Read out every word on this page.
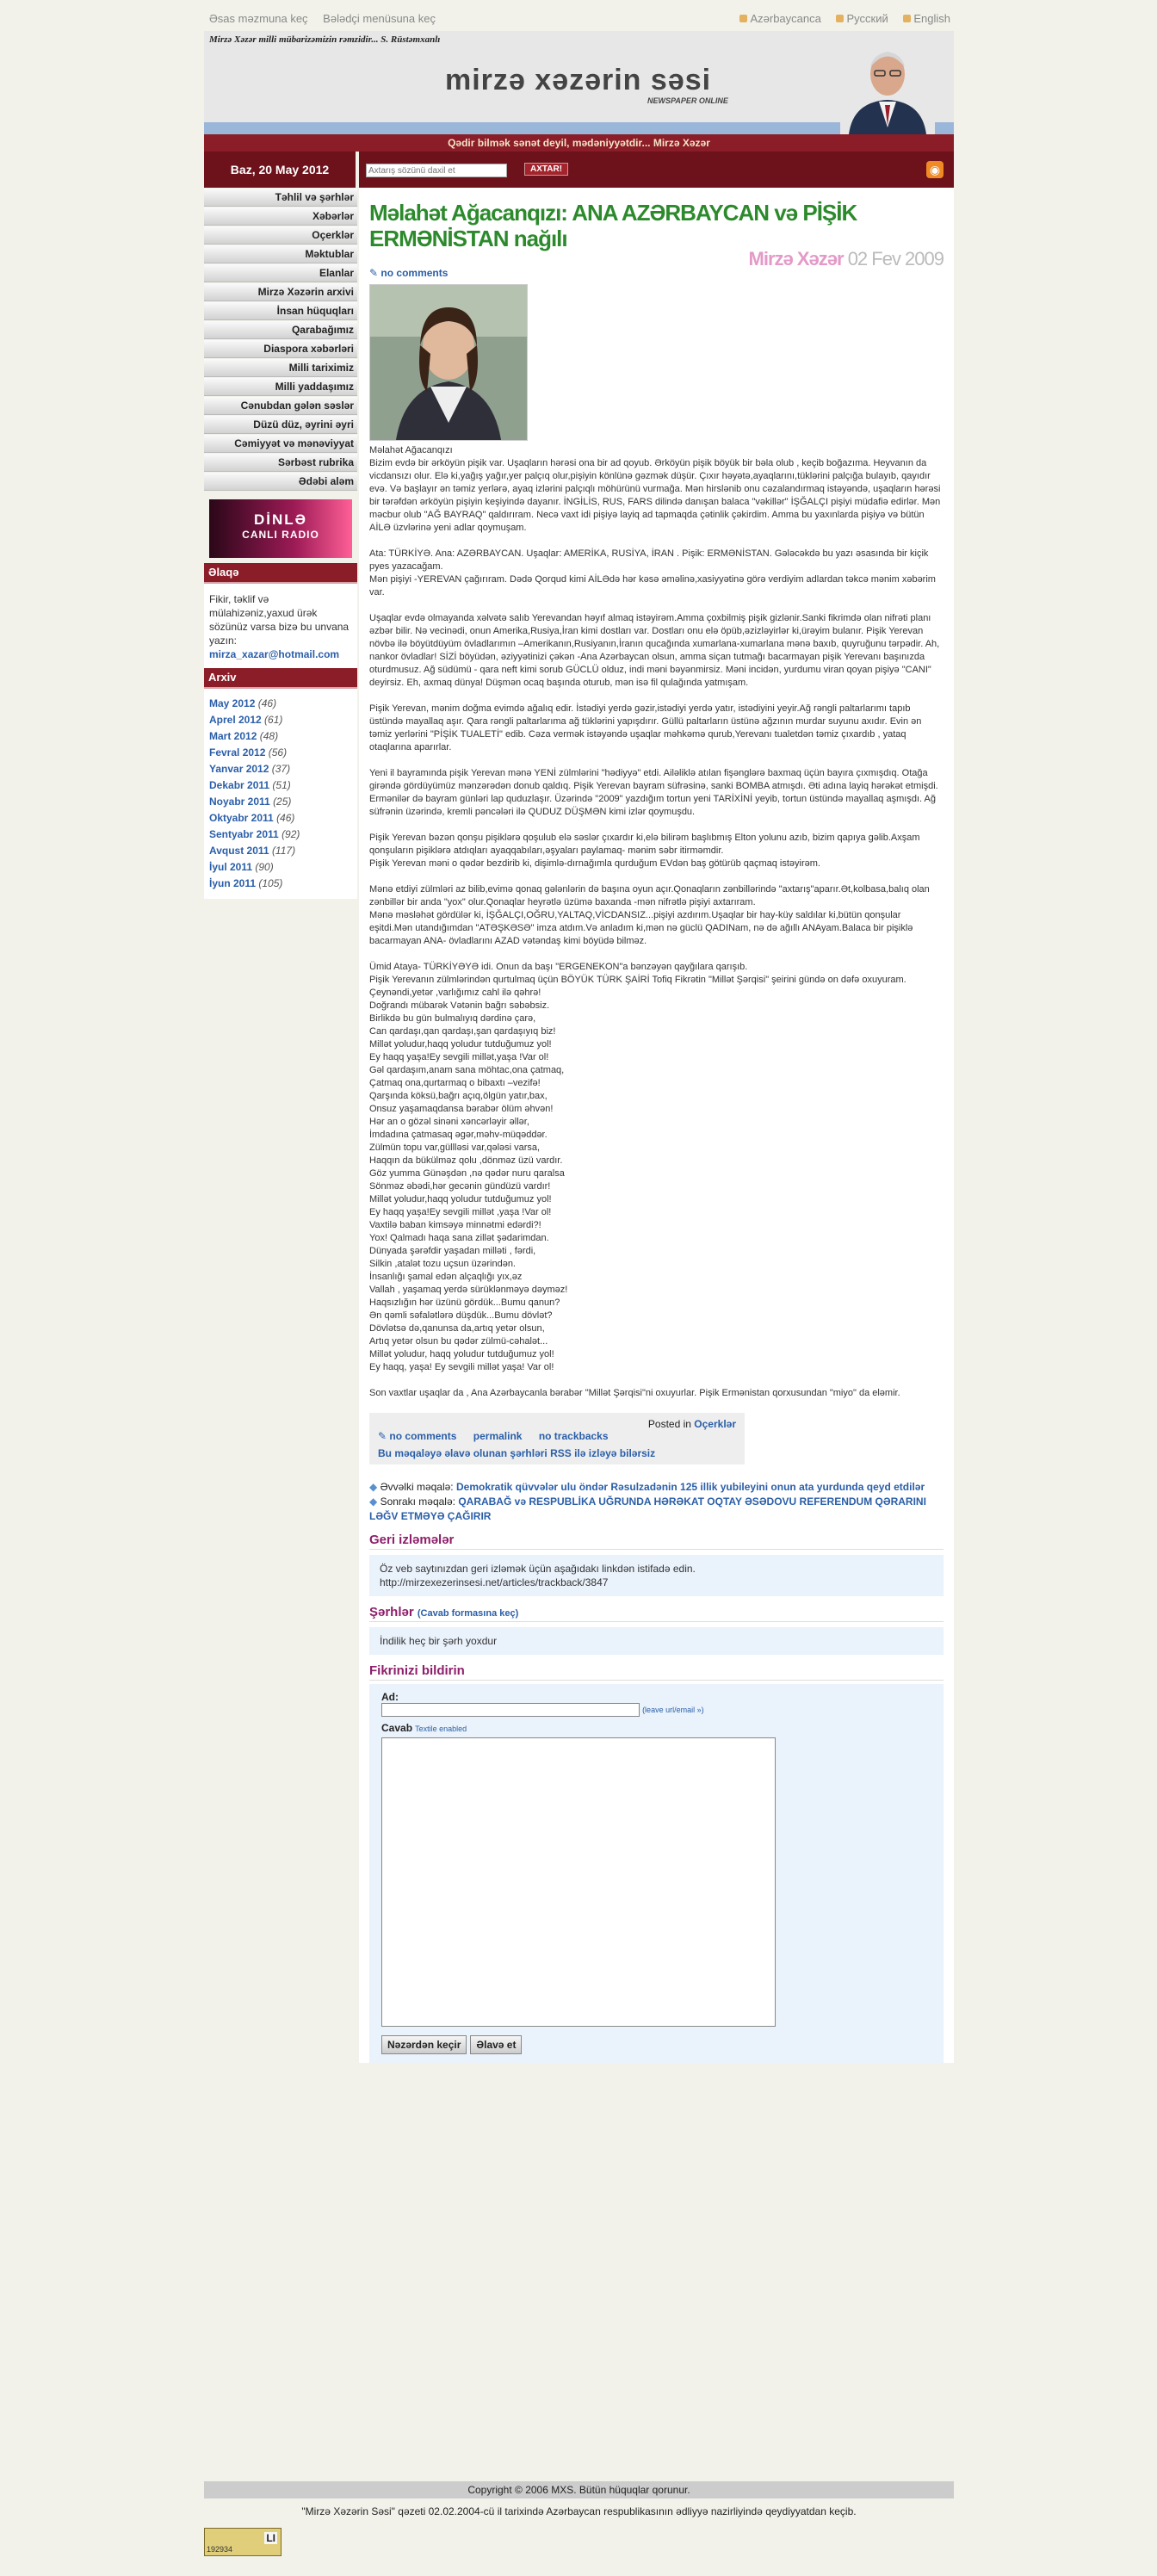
Əsas məzmuna keç Bələdçi menüsuna keç	Azərbaycanca Русский English
Mirzə Xəzər milli mübarizəmizin rəmzidir... S. Rüstəmxanlı
mirzə xəzərin səsi
NEWSPAPER ONLINE
Qədir bilmək sənət deyil, mədəniyyətdir... Mirzə Xəzər
Baz, 20 May 2012
Təhlil və şərhlər
Xəbərlər
Oçerklər
Məktublar
Elanlar
Mirzə Xəzərin arxivi
İnsan hüquqları
Qarabağımız
Diaspora xəbərləri
Milli tariximiz
Milli yaddaşımız
Cənubdan gələn səslər
Düzü düz, əyrini əyri
Cəmiyyət və mənəviyyat
Sərbəst rubrika
Ədəbi aləm
DİNLƏ
CANLI RADIO
Əlaqə
Fikir, təklif və mülahizəniz,yaxud ürək sözünüz varsa bizə bu unvana yazın:
mirza_xazar@hotmail.com
Arxiv
May 2012 (46)
Aprel 2012 (61)
Mart 2012 (48)
Fevral 2012 (56)
Yanvar 2012 (37)
Dekabr 2011 (51)
Noyabr 2011 (25)
Oktyabr 2011 (46)
Sentyabr 2011 (92)
Avqust 2011 (117)
İyul 2011 (90)
İyun 2011 (105)
Axtarış sözünü daxil et
AXTAR!	◉
Məlahət Ağacanqızı: ANA AZƏRBAYCAN və PİŞİK ERMƏNİSTAN nağılı
Mirzə Xəzər 02 Fev 2009
✎ no comments

Məlahət Ağacanqızı
Bizim evdə bir ərköyün pişik var. Uşaqların hərəsi ona bir ad qoyub. Ərköyün pişik böyük bir bəla olub , keçib boğazıma. Heyvanın da vicdansızı olur. Elə ki,yağış yağır,yer palçıq olur,pişiyin könlünə gəzmək düşür. Çıxır həyətə,ayaqlarını,tüklərini palçığa bulayıb, qayıdır evə. Və başlayır ən təmiz yerlərə, ayaq izlərini palçıqlı möhürünü vurmağa. Mən hirslənib onu cəzalandırmaq istəyəndə, uşaqların hərəsi bir tərəfdən ərköyün pişiyin keşiyində dayanır. İNGİLİS, RUS, FARS dilində danışan balaca "vəkillər" İŞĞALÇI pişiyi müdafiə edirlər. Mən məcbur olub "AĞ BAYRAQ" qaldırıram. Necə vaxt idi pişiyə layiq ad tapmaqda çətinlik çəkirdim. Amma bu yaxınlarda pişiyə və bütün AİLƏ üzvlərinə yeni adlar qoymuşam.

Ata: TÜRKİYƏ. Ana: AZƏRBAYCAN. Uşaqlar: AMERİKA, RUSİYA, İRAN . Pişik: ERMƏNİSTAN. Gələcəkdə bu yazı əsasında bir kiçik pyes yazacağam.
Mən pişiyi -YEREVAN çağırıram. Dədə Qorqud kimi AİLƏdə hər kəsə əməlinə,xasiyyətinə görə verdiyim adlardan təkcə mənim xəbərim var.

Uşaqlar evdə olmayanda xəlvətə salıb Yerevandan həyıf almaq istəyirəm.Amma çoxbilmiş pişik gizlənir.Sanki fikrimdə olan nifrəti planı əzbər bilir. Nə vecinədi, onun Amerika,Rusiya,İran kimi dostları var. Dostları onu elə öpüb,əzizləyirlər ki,ürəyim bulanır. Pişik Yerevan növbə ilə böyütdüyüm övladlarımın –Amerikanın,Rusiyanın,İranın qucağında xumarlana-xumarlana mənə baxıb, quyruğunu tərpədir. Ah, nankor övladlar! SİZİ böyüdən, əziyyətinizi çəkən -Ana Azərbaycan olsun, amma siçan tutmağı bacarmayan pişik Yerevanı başınızda oturdmusuz. Ağ südümü - qara neft kimi sorub GÜCLÜ olduz, indi məni bəyənmirsiz. Məni incidən, yurdumu viran qoyan pişiyə "CANI" deyirsiz. Eh, axmaq dünya! Düşmən ocaq başında oturub, mən isə fil qulağında yatmışam.

Pişik Yerevan, mənim doğma evimdə ağalıq edir. İstədiyi yerdə gəzir,istədiyi yerdə yatır, istədiyini yeyir.Ağ rəngli paltarlarımı tapıb üstündə mayallaq aşır. Qara rəngli paltarlarıma ağ tüklərini yapışdırır. Güllü paltarların üstünə ağzının murdar suyunu axıdır. Evin ən təmiz yerlərini "PİŞİK TUALETİ" edib. Cəza vermək istəyəndə uşaqlar məhkəmə qurub,Yerevanı tualetdən təmiz çıxardıb , yataq otaqlarına aparırlar.

Yeni il bayramında pişik Yerevan mənə YENİ zülmlərini "hədiyyə" etdi. Ailəliklə atılan fişənglərə baxmaq üçün bayıra çıxmışdıq. Otağa girəndə gördüyümüz mənzərədən donub qaldıq. Pişik Yerevan bayram süfrəsinə, sanki BOMBA atmışdı. Əti adına layiq hərəkət etmişdi. Ermənilər də bayram günləri lap quduzlaşır. Üzərində "2009" yazdığım tortun yeni TARİXİNİ yeyib, tortun üstündə mayallaq aşmışdı. Ağ süfrənin üzərində, kremli pəncələri ilə QUDUZ DÜŞMƏN kimi izlər qoymuşdu.

Pişik Yerevan bəzən qonşu pişiklərə qoşulub elə səslər çıxardır ki,elə bilirəm başlıbmış Elton yolunu azıb, bizim qapıya gəlib.Axşam qonşuların pişiklərə atdıqları ayaqqabıları,əşyaları paylamaq- mənim səbr itirməmdir.
Pişik Yerevan məni o qədər bezdirib ki, dişimlə-dırnağımla qurduğum EVdən baş götürüb qaçmaq istəyirəm.

Mənə etdiyi zülmləri az bilib,evimə qonaq gələnlərin də başına oyun açır.Qonaqların zənbillərində "axtarış"aparır.Ət,kolbasa,balıq olan zənbillər bir anda "yox" olur.Qonaqlar heyrətlə üzümə baxanda -mən nifrətlə pişiyi axtarıram.
Mənə məsləhət gördülər ki, İŞĞALÇI,OĞRU,YALTAQ,VİCDANSIZ...pişiyi azdırım.Uşaqlar bir hay-küy saldılar ki,bütün qonşular eşitdi.Mən utandığımdan "ATƏŞKƏSƏ" imza atdım.Və anladım ki,mən nə güclü QADINam, nə də ağıllı ANAyam.Balaca bir pişiklə bacarmayan ANA- övladlarını AZAD vətəndaş kimi böyüdə bilməz.

Ümid Ataya- TÜRKİYƏYƏ idi. Onun da başı "ERGENEKON"a bənzəyən qayğılara qarışıb.
Pişik Yerevanın zülmlərindən qurtulmaq üçün BÖYÜK TÜRK ŞAİRİ Tofiq Fikrətin "Millət Şərqisi" şeirini gündə on dəfə oxuyuram.
Çeynəndi,yetər ,varlığımız cahl ilə qəhrə!
Doğrandı mübarək Vətənin bağrı səbəbsiz.
Birlikdə bu gün bulmalıyıq dərdinə çarə,
Can qardaşı,qan qardaşı,şan qardaşıyıq biz!
Millət yoludur,haqq yoludur tutduğumuz yol!
Ey haqq yaşa!Ey sevgili millət,yaşa !Var ol!
Gəl qardaşım,anam sana möhtac,ona çatmaq,
Çatmaq ona,qurtarmaq o bibaxtı –vezifə!
Qarşında köksü,bağrı açıq,ölgün yatır,bax,
Onsuz yaşamaqdansa bərabər ölüm əhvən!
Hər an o gözəl sinəni xəncərləyir əllər,
İmdadına çatmasaq əgər,məhv-müqəddər.
Zülmün topu var,güllləsi var,qələsi varsa,
Haqqın da bükülməz qolu ,dönməz üzü vardır.
Göz yumma Günəşdən ,nə qədər nuru qaralsa
Sönməz əbədi,hər gecənin gündüzü vardır!
Millət yoludur,haqq yoludur tutduğumuz yol!
Ey haqq yaşa!Ey sevgili millət ,yaşa !Var ol!
Vaxtilə baban kimsəyə minnətmi edərdi?!
Yox! Qalmadı haqa sana zillət şədarimdan.
Dünyada şərəfdir yaşadan milləti , fərdi,
Silkin ,atalət tozu uçsun üzərindən.
İnsanlığı şamal edən alçaqlığı yıx,əz
Vallah , yaşamaq yerdə sürüklənməyə dəyməz!
Haqsızlığın hər üzünü gördük...Bumu qanun?
Ən qəmli səfalətlərə düşdük...Bumu dövlət?
Dövlətsə də,qanunsa da,artıq yetər olsun,
Artıq yetər olsun bu qədər zülmü-cəhalət...
Millət yoludur, haqq yoludur tutduğumuz yol!
Ey haqq, yaşa! Ey sevgili millət yaşa! Var ol!

Son vaxtlar uşaqlar da , Ana Azərbaycanla bərabər "Millət Şərqisi"ni oxuyurlar. Pişik Ermənistan qorxusundan "miyo" da eləmir.

Posted in Oçerklər
✎ no comments permalink no trackbacks
Bu məqaləyə əlavə olunan şərhləri RSS ilə izləyə bilərsiz
◆ Əvvəlki məqalə: Demokratik qüvvələr ulu öndər Rəsulzadənin 125 illik yubileyini onun ata yurdunda qeyd etdilər
◆ Sonrakı məqalə: QARABAĞ və RESPUBLİKA UĞRUNDA HƏRƏKAT OQTAY ƏSƏDOVU REFERENDUM QƏRARINI LƏĞV ETMƏYƏ ÇAĞIRIR
Geri izləmələr
Öz veb saytınızdan geri izləmək üçün aşağıdakı linkdən istifadə edin.
http://mirzexezerinsesi.net/articles/trackback/3847
Şərhlər (Cavab formasına keç)
İndilik heç bir şərh yoxdur
Fikrinizi bildirin
Ad:
(leave url/email »)
Cavab Textile enabled
Nəzərdən keçir Əlavə et
Copyright © 2006 MXS. Bütün hüquqlar qorunur.
"Mirzə Xəzərin Səsi" qəzeti 02.02.2004-cü il tarixində Azərbaycan respublikasının ədliyyə nazirliyində qeydiyyatdan keçib.
LI
192934
